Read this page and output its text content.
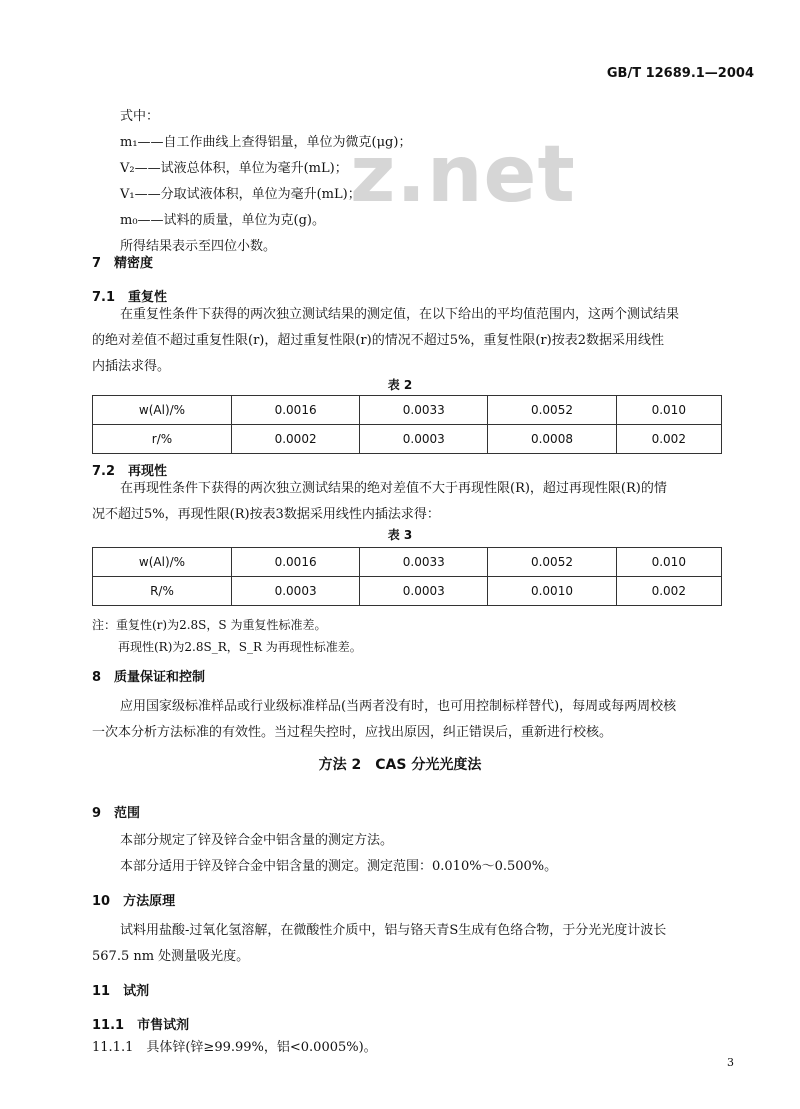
GB/T 12689.1—2004
z.net
式中：
m₁——自工作曲线上查得铝量，单位为微克(μg)；
V₂——试液总体积，单位为毫升(mL)；
V₁——分取试液体积，单位为毫升(mL)；
m₀——试料的质量，单位为克(g)。
所得结果表示至四位小数。
7　精密度
7.1　重复性
在重复性条件下获得的两次独立测试结果的测定值，在以下给出的平均值范围内，这两个测试结果
的绝对差值不超过重复性限(r)，超过重复性限(r)的情况不超过5%，重复性限(r)按表2数据采用线性
内插法求得。
表 2
w(Al)/%	0.0016	0.0033	0.0052	0.010
r/%	0.0002	0.0003	0.0008	0.002
7.2　再现性
在再现性条件下获得的两次独立测试结果的绝对差值不大于再现性限(R)，超过再现性限(R)的情
况不超过5%，再现性限(R)按表3数据采用线性内插法求得：
表 3
w(Al)/%	0.0016	0.0033	0.0052	0.010
R/%	0.0003	0.0003	0.0010	0.002
注：重复性(r)为2.8S，S 为重复性标准差。
再现性(R)为2.8S_R，S_R 为再现性标准差。
8　质量保证和控制
应用国家级标准样品或行业级标准样品(当两者没有时，也可用控制标样替代)，每周或每两周校核
一次本分析方法标准的有效性。当过程失控时，应找出原因，纠正错误后，重新进行校核。
方法 2　CAS 分光光度法
9　范围
本部分规定了锌及锌合金中铝含量的测定方法。
本部分适用于锌及锌合金中铝含量的测定。测定范围：0.010%～0.500%。
10　方法原理
试料用盐酸-过氧化氢溶解，在微酸性介质中，铝与铬天青S生成有色络合物，于分光光度计波长
567.5 nm 处测量吸光度。
11　试剂
11.1　市售试剂
11.1.1　具体锌(锌≥99.99%，铝<0.0005%)。
3
